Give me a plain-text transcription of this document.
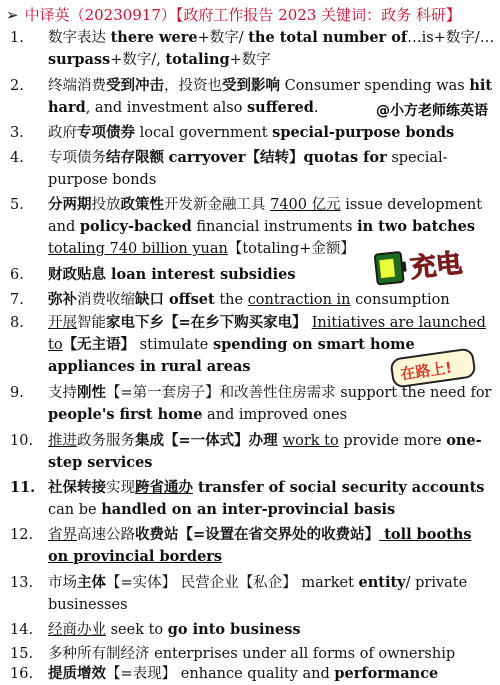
➢ 中译英（20230917）【政府工作报告 2023 关键词：政务 科研】
1.	数字表达 there were+数字/ the total number of…is+数字/…surpass+数字/, totaling+数字
2.	终端消费受到冲击，投资也受到影响 Consumer spending was hit hard, and investment also suffered.
3.	政府专项债券 local government special-purpose bonds
4.	专项债务结存限额 carryover【结转】quotas for special-purpose bonds
5.	分两期投放政策性开发新金融工具 7400 亿元 issue development and policy-backed financial instruments in two batches totaling 740 billion yuan【totaling+金额】
6.	财政贴息 loan interest subsidies
7.	弥补消费收缩缺口 offset the contraction in consumption
8.	开展智能家电下乡【=在乡下购买家电】 Initiatives are launched to【无主语】 stimulate spending on smart home appliances in rural areas
9.	支持刚性【=第一套房子】和改善性住房需求 support the need for people's first home and improved ones
10.	推进政务服务集成【=一体式】办理 work to provide more one-step services
11. 社保转接实现跨省通办 transfer of social security accounts can be handled on an inter-provincial basis
12.	省界高速公路收费站【=设置在省交界处的收费站】 toll booths on provincial borders
13.	市场主体【=实体】 民营企业【私企】 market entity/ private businesses
14.	经商办业 seek to go into business
15.	多种所有制经济 enterprises under all forms of ownership
16.	提质增效【=表现】 enhance quality and performance
@小方老师练英语
充电
在路上!
